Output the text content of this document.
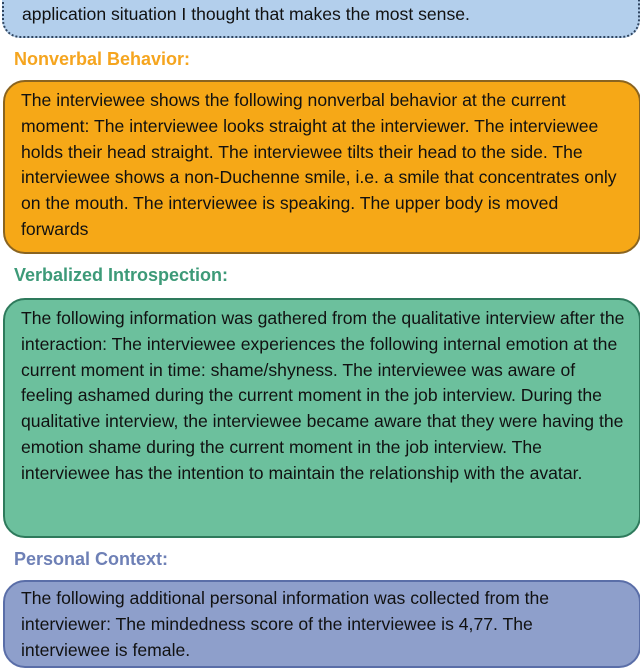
application situation I thought that makes the most sense.
Nonverbal Behavior:
The interviewee shows the following nonverbal behavior at the current moment: The interviewee looks straight at the interviewer. The interviewee holds their head straight. The interviewee tilts their head to the side. The interviewee shows a non-Duchenne smile, i.e. a smile that concentrates only on the mouth. The interviewee is speaking. The upper body is moved forwards
Verbalized Introspection:
The following information was gathered from the qualitative interview after the interaction: The interviewee experiences the following internal emotion at the current moment in time: shame/shyness. The interviewee was aware of feeling ashamed during the current moment in the job interview. During the qualitative interview, the interviewee became aware that they were having the emotion shame during the current moment in the job interview. The interviewee has the intention to maintain the relationship with the avatar.
Personal Context:
The following additional personal information was collected from the interviewer: The mindedness score of the interviewee is 4,77. The interviewee is female.
